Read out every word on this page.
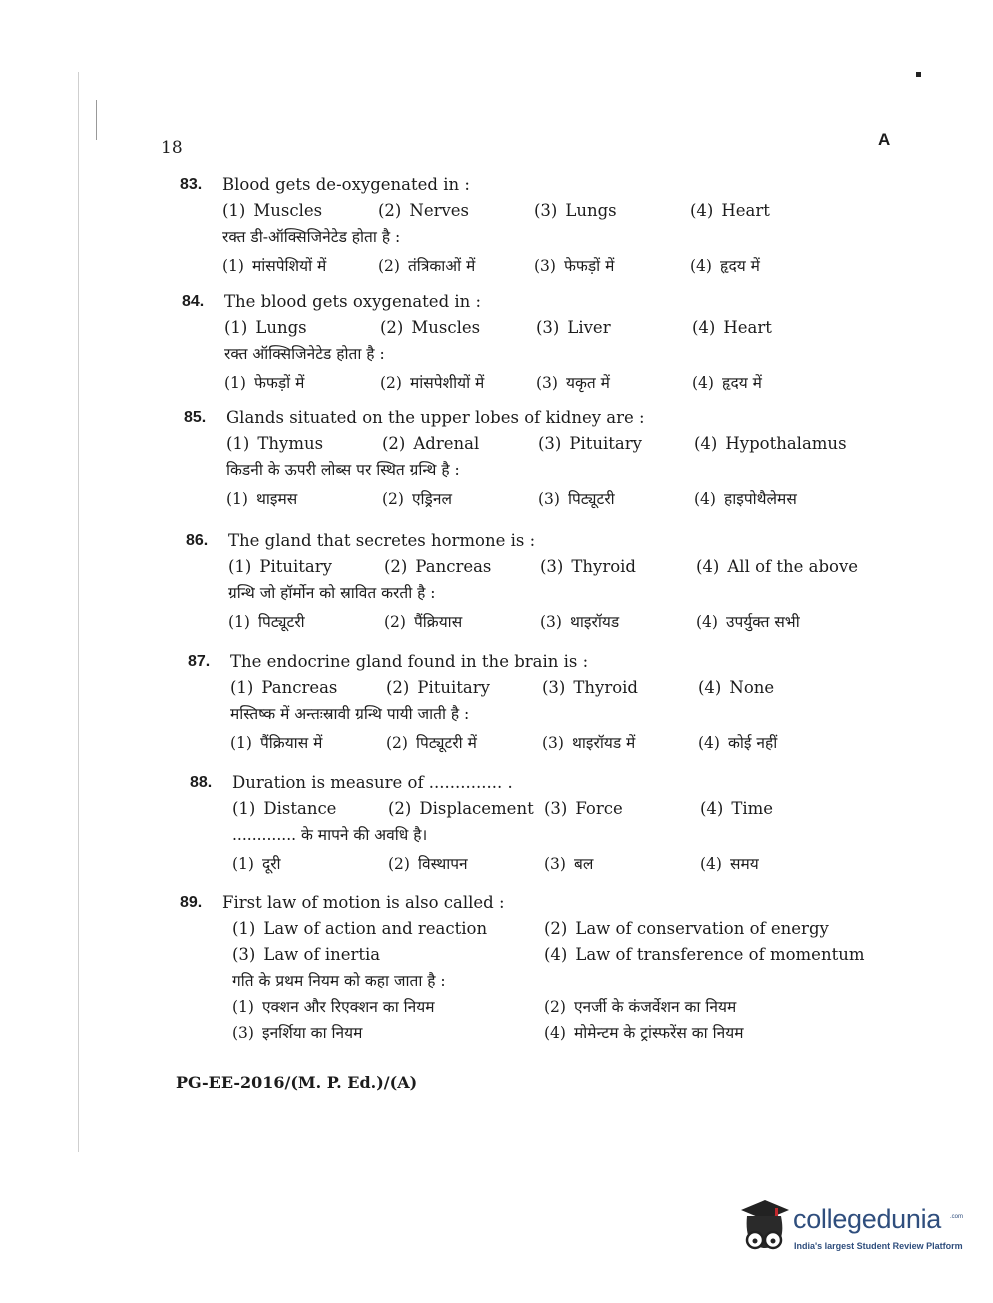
18	A
83. Blood gets de-oxygenated in :
(1) Muscles	(2) Nerves	(3) Lungs	(4) Heart
रक्त डी-ऑक्सिजिनेटेड होता है :
(1) मांसपेशियों में	(2) तंत्रिकाओं में	(3) फेफड़ों में	(4) हृदय में
84. The blood gets oxygenated in :
(1) Lungs	(2) Muscles	(3) Liver	(4) Heart
रक्त ऑक्सिजिनेटेड होता है :
(1) फेफड़ों में	(2) मांसपेशीयों में	(3) यकृत में	(4) हृदय में
85. Glands situated on the upper lobes of kidney are :
(1) Thymus	(2) Adrenal	(3) Pituitary	(4) Hypothalamus
किडनी के ऊपरी लोब्स पर स्थित ग्रन्थि है :
(1) थाइमस	(2) एड्रिनल	(3) पिट्यूटरी	(4) हाइपोथैलेमस
86. The gland that secretes hormone is :
(1) Pituitary	(2) Pancreas	(3) Thyroid	(4) All of the above
ग्रन्थि जो हॉर्मोन को स्रावित करती है :
(1) पिट्यूटरी	(2) पैंक्रियास	(3) थाइरॉयड	(4) उपर्युक्त सभी
87. The endocrine gland found in the brain is :
(1) Pancreas	(2) Pituitary	(3) Thyroid	(4) None
मस्तिष्क में अन्तःस्रावी ग्रन्थि पायी जाती है :
(1) पैंक्रियास में	(2) पिट्यूटरी में	(3) थाइरॉयड में	(4) कोई नहीं
88. Duration is measure of .............. .
(1) Distance	(2) Displacement (3) Force	(4) Time
............. के मापने की अवधि है।
(1) दूरी	(2) विस्थापन	(3) बल	(4) समय
89. First law of motion is also called :
(1) Law of action and reaction	(2) Law of conservation of energy
(3) Law of inertia	(4) Law of transference of momentum
गति के प्रथम नियम को कहा जाता है :
(1) एक्शन और रिएक्शन का नियम	(2) एनर्जी के कंजर्वेशन का नियम
(3) इनर्शिया का नियम	(4) मोमेन्टम के ट्रांस्फरेंस का नियम
PG-EE-2016/(M. P. Ed.)/(A)
collegedunia .com
India's largest Student Review Platform
